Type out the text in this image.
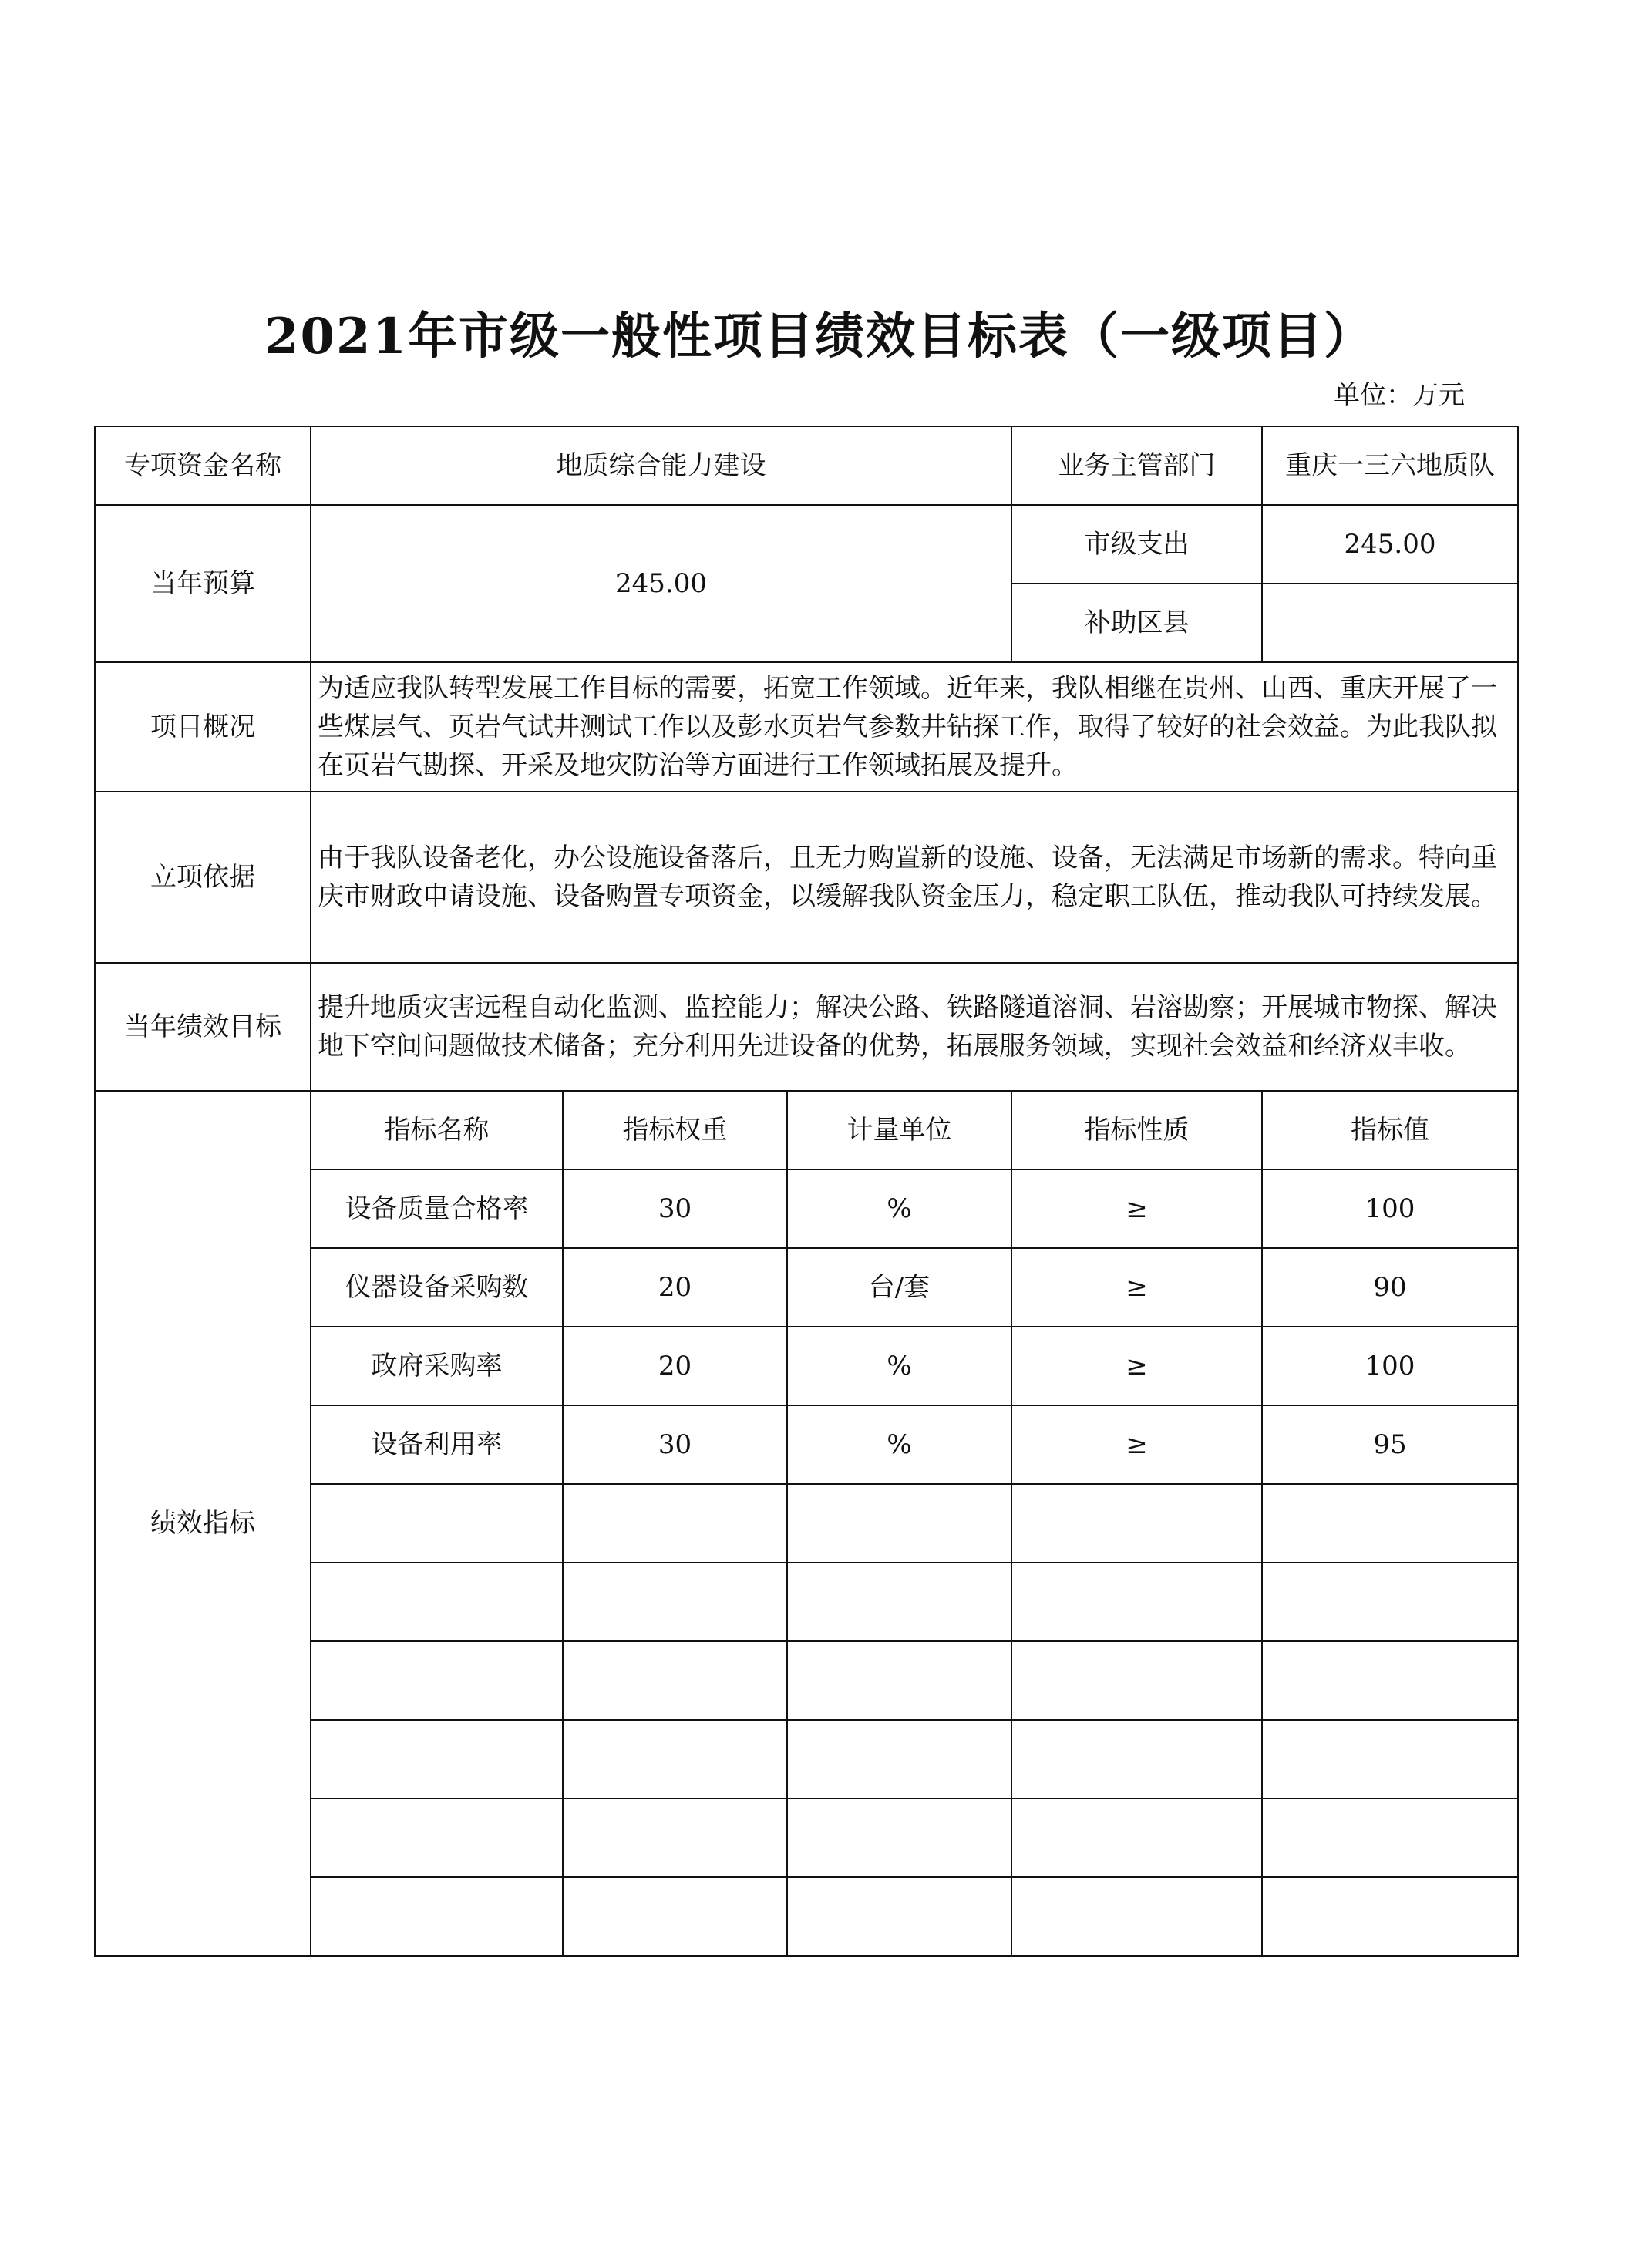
2021年市级一般性项目绩效目标表（一级项目）
单位：万元
专项资金名称	地质综合能力建设			业务主管部门	重庆一三六地质队
当年预算	245.00			市级支出	245.00
				补助区县	
项目概况	为适应我队转型发展工作目标的需要，拓宽工作领域。近年来，我队相继在贵州、山西、重庆开展了一些煤层气、页岩气试井测试工作以及彭水页岩气参数井钻探工作，取得了较好的社会效益。为此我队拟在页岩气勘探、开采及地灾防治等方面进行工作领域拓展及提升。				
立项依据	由于我队设备老化，办公设施设备落后，且无力购置新的设施、设备，无法满足市场新的需求。特向重庆市财政申请设施、设备购置专项资金，以缓解我队资金压力，稳定职工队伍，推动我队可持续发展。				
当年绩效目标	提升地质灾害远程自动化监测、监控能力；解决公路、铁路隧道溶洞、岩溶勘察；开展城市物探、解决地下空间问题做技术储备；充分利用先进设备的优势，拓展服务领域，实现社会效益和经济双丰收。				
绩效指标	指标名称	指标权重	计量单位	指标性质	指标值
	设备质量合格率	30	%	≥	100
	仪器设备采购数	20	台/套	≥	90
	政府采购率	20	%	≥	100
	设备利用率	30	%	≥	95
